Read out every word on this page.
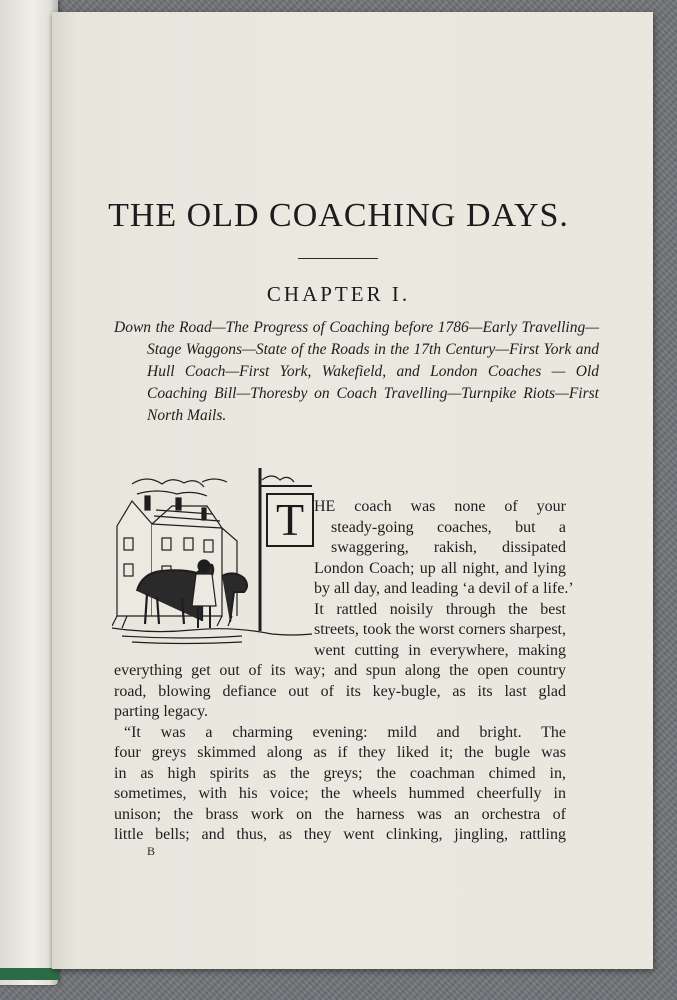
THE OLD COACHING DAYS.
CHAPTER I.

Down the Road—The Progress of Coaching before 1786—Early Travelling—Stage Waggons—State of the Roads in the 17th Century—First York and Hull Coach—First York, Wakefield, and London Coaches — Old Coaching Bill—Thoresby on Coach Travelling—Turnpike Riots—First North Mails.

T HE coach was none of your
steady-going coaches, but a
swaggering, rakish, dissipated
London Coach; up all night, and lying
by all day, and leading ‘a devil of a life.’
It rattled noisily through the best
streets, took the worst corners sharpest,
went cutting in everywhere, making
everything get out of its way; and spun along the open country
road, blowing defiance out of its key-bugle, as its last glad
parting legacy.
“It was a charming evening: mild and bright. The
four greys skimmed along as if they liked it; the bugle was
in as high spirits as the greys; the coachman chimed in,
sometimes, with his voice; the wheels hummed cheerfully in
unison; the brass work on the harness was an orchestra of
little bells; and thus, as they went clinking, jingling, rattling
B
